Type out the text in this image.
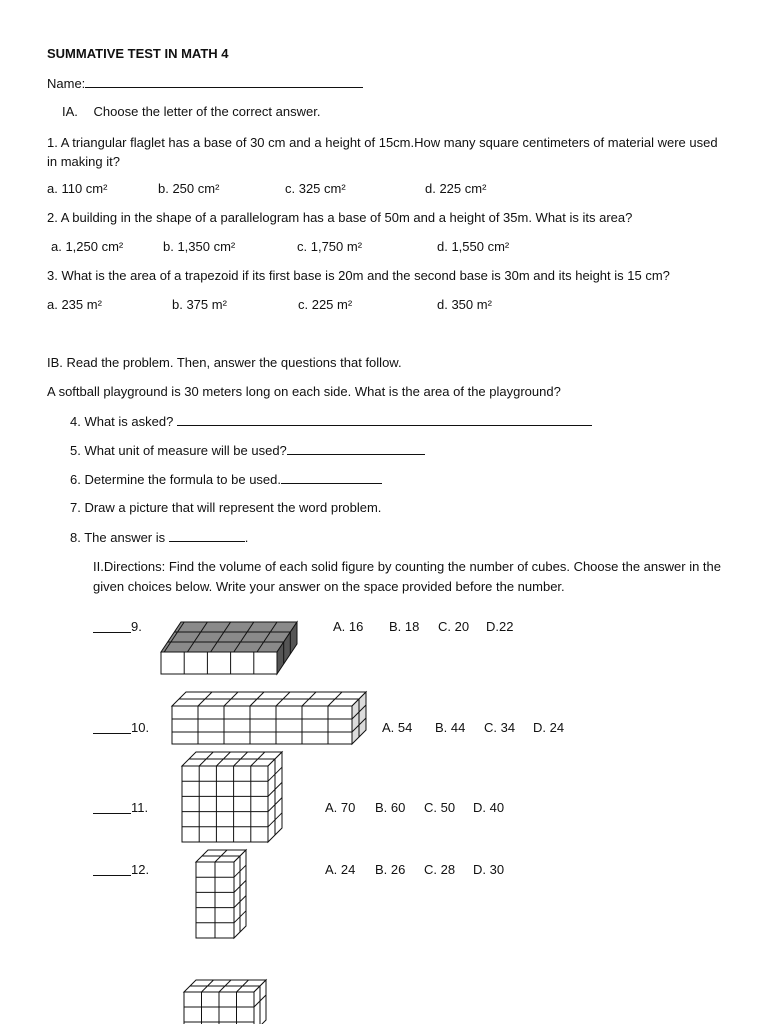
SUMMATIVE TEST IN MATH 4
Name:
IA. Choose the letter of the correct answer.
1. A triangular flaglet has a base of 30 cm and a height of 15cm.How many square centimeters of material were used in making it?
a. 110 cm²	b. 250 cm²	c. 325 cm²	d. 225 cm²
2. A building in the shape of a parallelogram has a base of 50m and a height of 35m. What is its area?
a. 1,250 cm²	b. 1,350 cm²	c. 1,750 m²	d. 1,550 cm²
3. What is the area of a trapezoid if its first base is 20m and the second base is 30m and its height is 15 cm?
a. 235 m²	b. 375 m²	c. 225 m²	d. 350 m²
IB. Read the problem. Then, answer the questions that follow.
A softball playground is 30 meters long on each side. What is the area of the playground?
4. What is asked?
5. What unit of measure will be used?
6. Determine the formula to be used.
7. Draw a picture that will represent the word problem.
8. The answer is	.
II.Directions: Find the volume of each solid figure by counting the number of cubes. Choose the answer in the given choices below. Write your answer on the space provided before the number.
9.	A. 16 B. 18 C. 20 D.22
10.	A. 54 B. 44 C. 34 D. 24
11.	A. 70 B. 60 C. 50 D. 40
12.	A. 24 B. 26 C. 28 D. 30
